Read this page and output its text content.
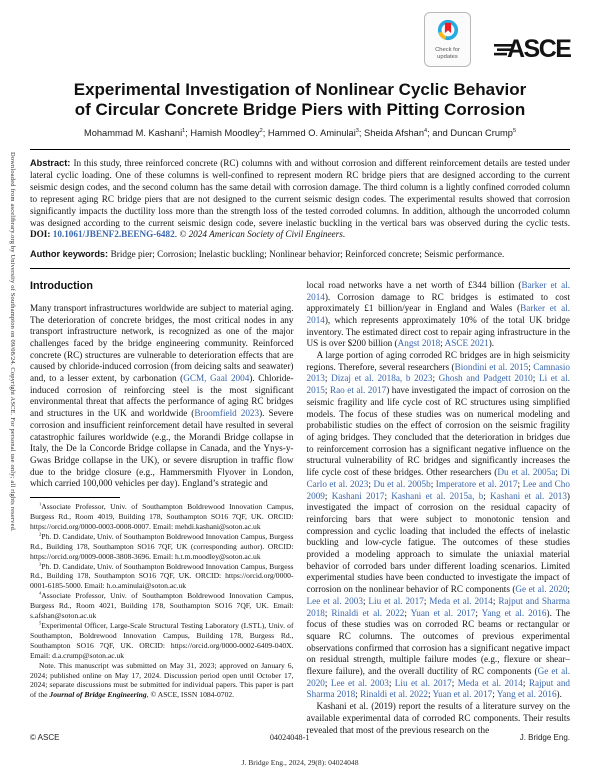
Downloaded from ascelibrary.org by University of Southampton on 09/08/24. Copyright ASCE. For personal use only; all rights reserved.
Check for
updates ASCE
Experimental Investigation of Nonlinear Cyclic Behavior
of Circular Concrete Bridge Piers with Pitting Corrosion
Mohammad M. Kashani$^1$; Hamish Moodley$^2$; Hammed O. Aminulai$^3$; Sheida Afshan$^4$; and Duncan Crump$^5$

Abstract: In this study, three reinforced concrete (RC) columns with and without corrosion and different reinforcement details are tested under lateral cyclic loading. One of these columns is well-confined to represent modern RC bridge piers that are designed according to the current seismic design codes, and the second column has the same detail with corrosion damage. The third column is a lightly confined corroded column to represent aging RC bridge piers that are not designed to the current seismic design codes. The experimental results showed that corrosion significantly impacts the ductility loss more than the strength loss of the tested corroded columns. In addition, although the uncorroded column was designed according to the current seismic design code, severe inelastic buckling in the vertical bars was observed during the cyclic tests. DOI: 10.1061/JBENF2.BEENG-6482. © 2024 American Society of Civil Engineers.

Author keywords: Bridge pier; Corrosion; Inelastic buckling; Nonlinear behavior; Reinforced concrete; Seismic performance.

Introduction

Many transport infrastructures worldwide are subject to material aging. The deterioration of concrete bridges, the most critical nodes in any transport infrastructure network, is recognized as one of the major challenges faced by the bridge engineering community. Reinforced concrete (RC) structures are vulnerable to deterioration effects that are caused by chloride-induced corrosion (from deicing salts and seawater) and, to a lesser extent, by carbonation (GCM, Gaal 2004). Chloride-induced corrosion of reinforcing steel is the most significant environmental threat that affects the performance of aging RC bridges and structures in the UK and worldwide (Broomfield 2023). Severe corrosion and insufficient reinforcement detail have resulted in several catastrophic failures worldwide (e.g., the Morandi Bridge collapse in Italy, the De la Concorde Bridge collapse in Canada, and the Ynys-y-Gwas Bridge collapse in the UK), or severe disruption in traffic flow due to the bridge closure (e.g., Hammersmith Flyover in London, which carried 100,000 vehicles per day). England’s strategic and

$^1$Associate Professor, Univ. of Southampton Boldrewood Innovation Campus, Burgess Rd., Room 4019, Building 178, Southampton SO16 7QF, UK. ORCID: https://orcid.org/0000-0003-0008-0007. Email: mehdi.kashani@soton.ac.uk

$^2$Ph. D. Candidate, Univ. of Southampton Boldrewood Innovation Campus, Burgess Rd., Building 178, Southampton SO16 7QF, UK (corresponding author). ORCID: https://orcid.org/0009-0008-3808-3696. Email: h.t.m.moodley@soton.ac.uk

$^3$Ph. D. Candidate, Univ. of Southampton Boldrewood Innovation Campus, Burgess Rd., Building 178, Southampton SO16 7QF, UK. ORCID: https://orcid.org/0000-0001-6185-5000. Email: h.o.aminulai@soton.ac.uk

$^4$Associate Professor, Univ. of Southampton Boldrewood Innovation Campus, Burgess Rd., Room 4021, Building 178, Southampton SO16 7QF, UK. Email: s.afshan@soton.ac.uk

$^5$Experimental Officer, Large-Scale Structural Testing Laboratory (LSTL), Univ. of Southampton, Boldrewood Innovation Campus, Building 178, Burgess Rd., Southampton SO16 7QF, UK. ORCID: https://orcid.org/0000-0002-6409-040X. Email: d.a.crump@soton.ac.uk

Note. This manuscript was submitted on May 31, 2023; approved on January 6, 2024; published online on May 17, 2024. Discussion period open until October 17, 2024; separate discussions must be submitted for individual papers. This paper is part of the Journal of Bridge Engineering, © ASCE, ISSN 1084-0702.

local road networks have a net worth of £344 billion (Barker et al. 2014). Corrosion damage to RC bridges is estimated to cost approximately £1 billion/year in England and Wales (Barker et al. 2014), which represents approximately 10% of the total UK bridge inventory. The estimated direct cost to repair aging infrastructure in the US is over $200 billion (Angst 2018; ASCE 2021).

A large portion of aging corroded RC bridges are in high seismicity regions. Therefore, several researchers (Biondini et al. 2015; Camnasio 2013; Dizaj et al. 2018a, b 2023; Ghosh and Padgett 2010; Li et al. 2015; Rao et al. 2017) have investigated the impact of corrosion on the seismic fragility and life cycle cost of RC structures using simplified models. The focus of these studies was on numerical modeling and probabilistic studies on the effect of corrosion on the seismic fragility of aging bridges. They concluded that the deterioration in bridges due to reinforcement corrosion has a significant negative influence on the structural vulnerability of RC bridges and significantly increases the life cycle cost of these bridges. Other researchers (Du et al. 2005a; Di Carlo et al. 2023; Du et al. 2005b; Imperatore et al. 2017; Lee and Cho 2009; Kashani 2017; Kashani et al. 2015a, b; Kashani et al. 2013) investigated the impact of corrosion on the residual capacity of reinforcing bars that were subject to monotonic tension and compression and cyclic loading that included the effects of inelastic buckling and low-cycle fatigue. The outcomes of these studies provided a modeling approach to simulate the uniaxial material behavior of corroded bars under different loading scenarios. Limited experimental studies have been conducted to investigate the impact of corrosion on the nonlinear behavior of RC components (Ge et al. 2020; Lee et al. 2003; Liu et al. 2017; Meda et al. 2014; Rajput and Sharma 2018; Rinaldi et al. 2022; Yuan et al. 2017; Yang et al. 2016). The focus of these studies was on corroded RC beams or rectangular or square RC columns. The outcomes of previous experimental observations confirmed that corrosion has a significant negative impact on residual strength, multiple failure modes (e.g., flexure or shear–flexure failure), and the overall ductility of RC components (Ge et al. 2020; Lee et al. 2003; Liu et al. 2017; Meda et al. 2014; Rajput and Sharma 2018; Rinaldi et al. 2022; Yuan et al. 2017; Yang et al. 2016).

Kashani et al. (2019) report the results of a literature survey on the available experimental data of corroded RC components. Their results revealed that most of the previous research on the

© ASCE	04024048-1	J. Bridge Eng.
J. Bridge Eng., 2024, 29(8): 04024048
